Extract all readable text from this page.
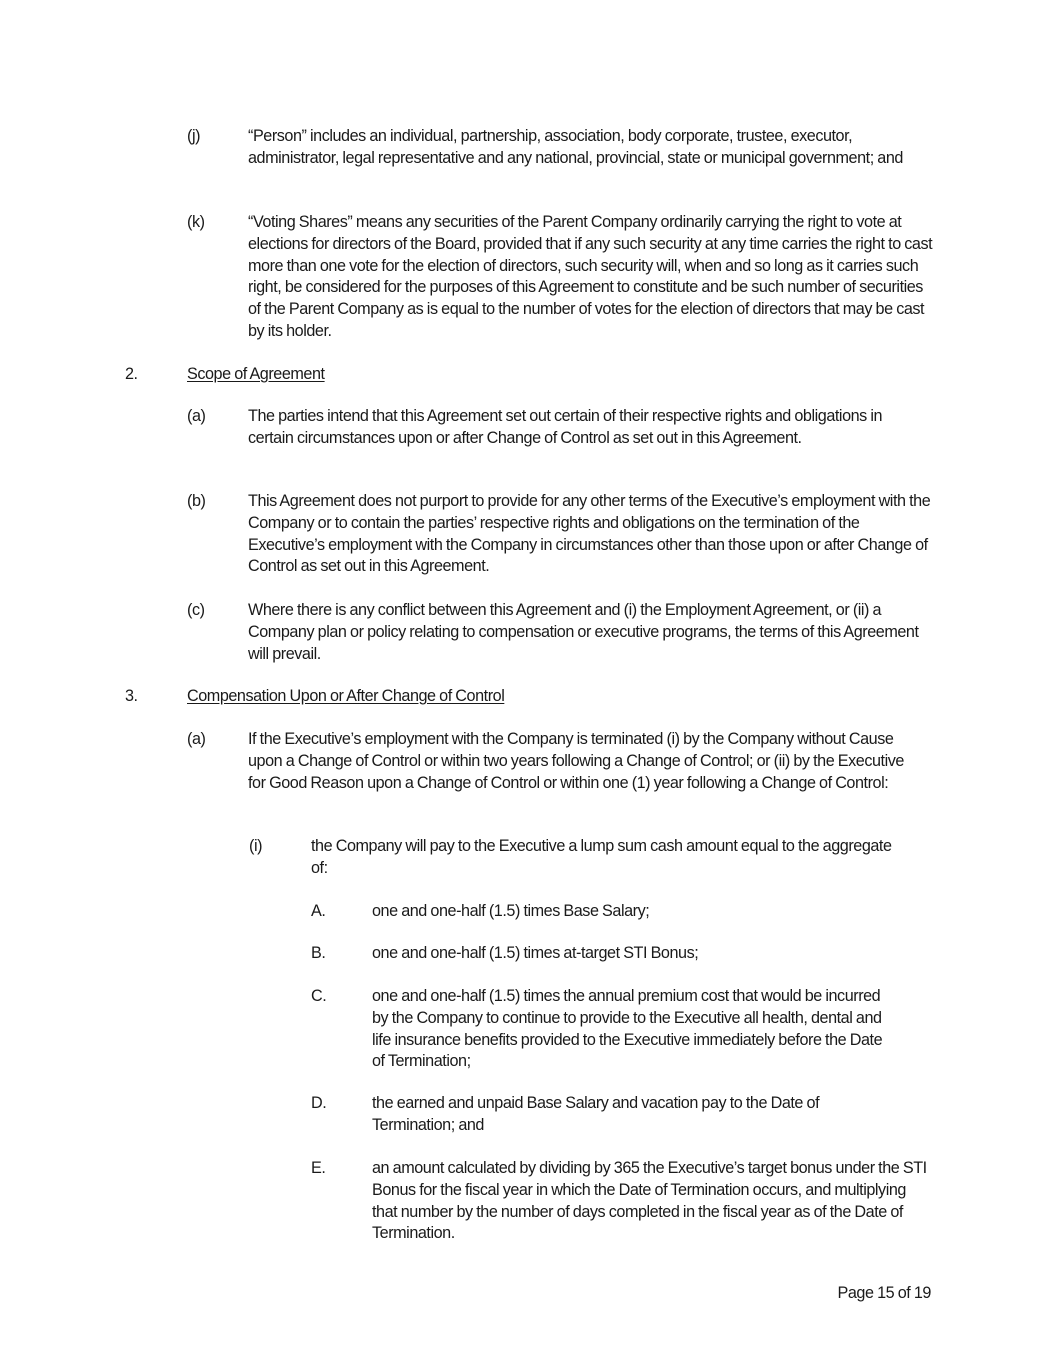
(j)	“Person” includes an individual, partnership, association, body corporate, trustee, executor, administrator, legal representative and any national, provincial, state or municipal government; and
(k)	“Voting Shares” means any securities of the Parent Company ordinarily carrying the right to vote at elections for directors of the Board, provided that if any such security at any time carries the right to cast more than one vote for the election of directors, such security will, when and so long as it carries such right, be considered for the purposes of this Agreement to constitute and be such number of securities of the Parent Company as is equal to the number of votes for the election of directors that may be cast by its holder.
2.	Scope of Agreement
(a)	The parties intend that this Agreement set out certain of their respective rights and obligations in certain circumstances upon or after Change of Control as set out in this Agreement.
(b)	This Agreement does not purport to provide for any other terms of the Executive’s employment with the Company or to contain the parties’ respective rights and obligations on the termination of the Executive’s employment with the Company in circumstances other than those upon or after Change of Control as set out in this Agreement.
(c)	Where there is any conflict between this Agreement and (i) the Employment Agreement, or (ii) a Company plan or policy relating to compensation or executive programs, the terms of this Agreement will prevail.
3.	Compensation Upon or After Change of Control
(a)	If the Executive’s employment with the Company is terminated (i) by the Company without Cause upon a Change of Control or within two years following a Change of Control; or (ii) by the Executive for Good Reason upon a Change of Control or within one (1) year following a Change of Control:
(i)	the Company will pay to the Executive a lump sum cash amount equal to the aggregate of:
A.	one and one-half (1.5) times Base Salary;
B.	one and one-half (1.5) times at-target STI Bonus;
C.	one and one-half (1.5) times the annual premium cost that would be incurred by the Company to continue to provide to the Executive all health, dental and life insurance benefits provided to the Executive immediately before the Date of Termination;
D.	the earned and unpaid Base Salary and vacation pay to the Date of Termination; and
E.	an amount calculated by dividing by 365 the Executive’s target bonus under the STI Bonus for the fiscal year in which the Date of Termination occurs, and multiplying that number by the number of days completed in the fiscal year as of the Date of Termination.
Page 15 of 19
